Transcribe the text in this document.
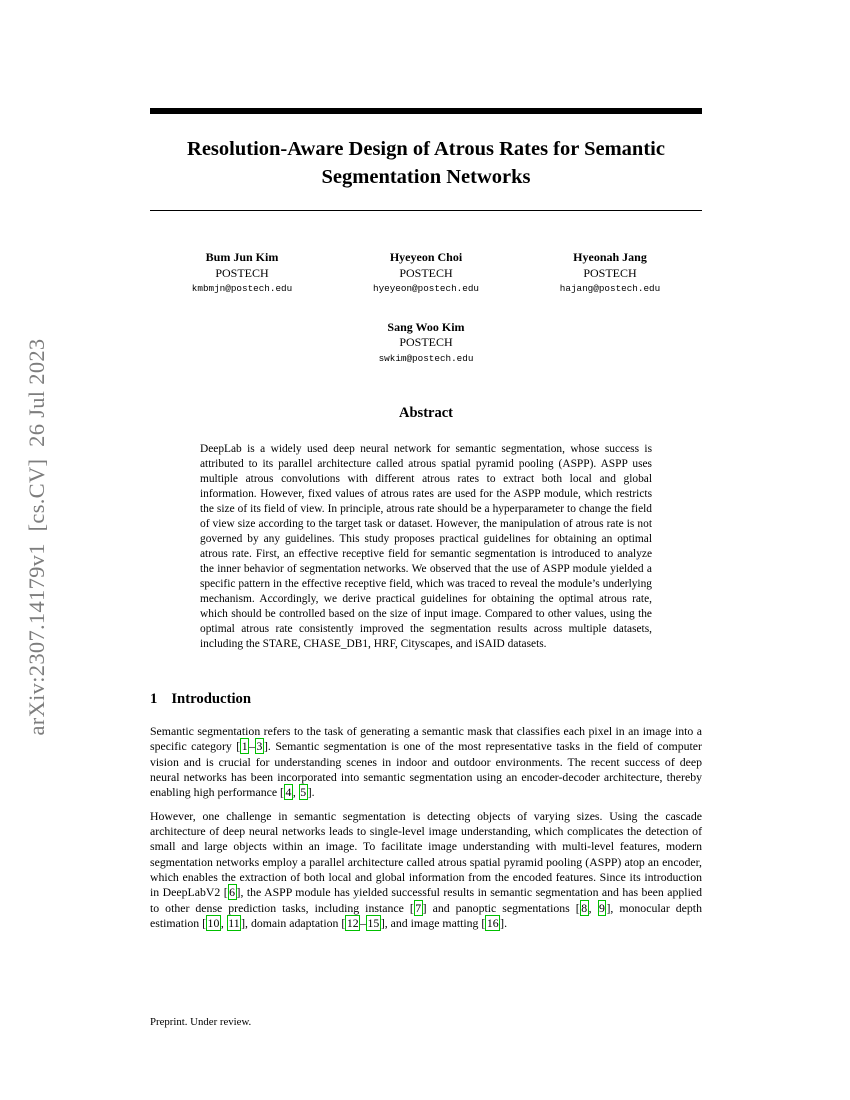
arXiv:2307.14179v1  [cs.CV]  26 Jul 2023
Resolution-Aware Design of Atrous Rates for Semantic Segmentation Networks
Bum Jun Kim
POSTECH
kmbmjn@postech.edu
Hyeyeon Choi
POSTECH
hyeyeon@postech.edu
Hyeonah Jang
POSTECH
hajang@postech.edu
Sang Woo Kim
POSTECH
swkim@postech.edu
Abstract
DeepLab is a widely used deep neural network for semantic segmentation, whose success is attributed to its parallel architecture called atrous spatial pyramid pooling (ASPP). ASPP uses multiple atrous convolutions with different atrous rates to extract both local and global information. However, fixed values of atrous rates are used for the ASPP module, which restricts the size of its field of view. In principle, atrous rate should be a hyperparameter to change the field of view size according to the target task or dataset. However, the manipulation of atrous rate is not governed by any guidelines. This study proposes practical guidelines for obtaining an optimal atrous rate. First, an effective receptive field for semantic segmentation is introduced to analyze the inner behavior of segmentation networks. We observed that the use of ASPP module yielded a specific pattern in the effective receptive field, which was traced to reveal the module’s underlying mechanism. Accordingly, we derive practical guidelines for obtaining the optimal atrous rate, which should be controlled based on the size of input image. Compared to other values, using the optimal atrous rate consistently improved the segmentation results across multiple datasets, including the STARE, CHASE_DB1, HRF, Cityscapes, and iSAID datasets.
1 Introduction

Semantic segmentation refers to the task of generating a semantic mask that classifies each pixel in an image into a specific category [ 1 – 3 ]. Semantic segmentation is one of the most representative tasks in the field of computer vision and is crucial for understanding scenes in indoor and outdoor environments. The recent success of deep neural networks has been incorporated into semantic segmentation using an encoder-decoder architecture, thereby enabling high performance [ 4 , 5 ].

However, one challenge in semantic segmentation is detecting objects of varying sizes. Using the cascade architecture of deep neural networks leads to single-level image understanding, which complicates the detection of small and large objects within an image. To facilitate image understanding with multi-level features, modern segmentation networks employ a parallel architecture called atrous spatial pyramid pooling (ASPP) atop an encoder, which enables the extraction of both local and global information from the encoded features. Since its introduction in DeepLabV2 [ 6 ], the ASPP module has yielded successful results in semantic segmentation and has been applied to other dense prediction tasks, including instance [ 7 ] and panoptic segmentations [ 8 , 9 ], monocular depth estimation [ 10 , 11 ], domain adaptation [ 12 – 15 ], and image matting [ 16 ].

Preprint. Under review.
